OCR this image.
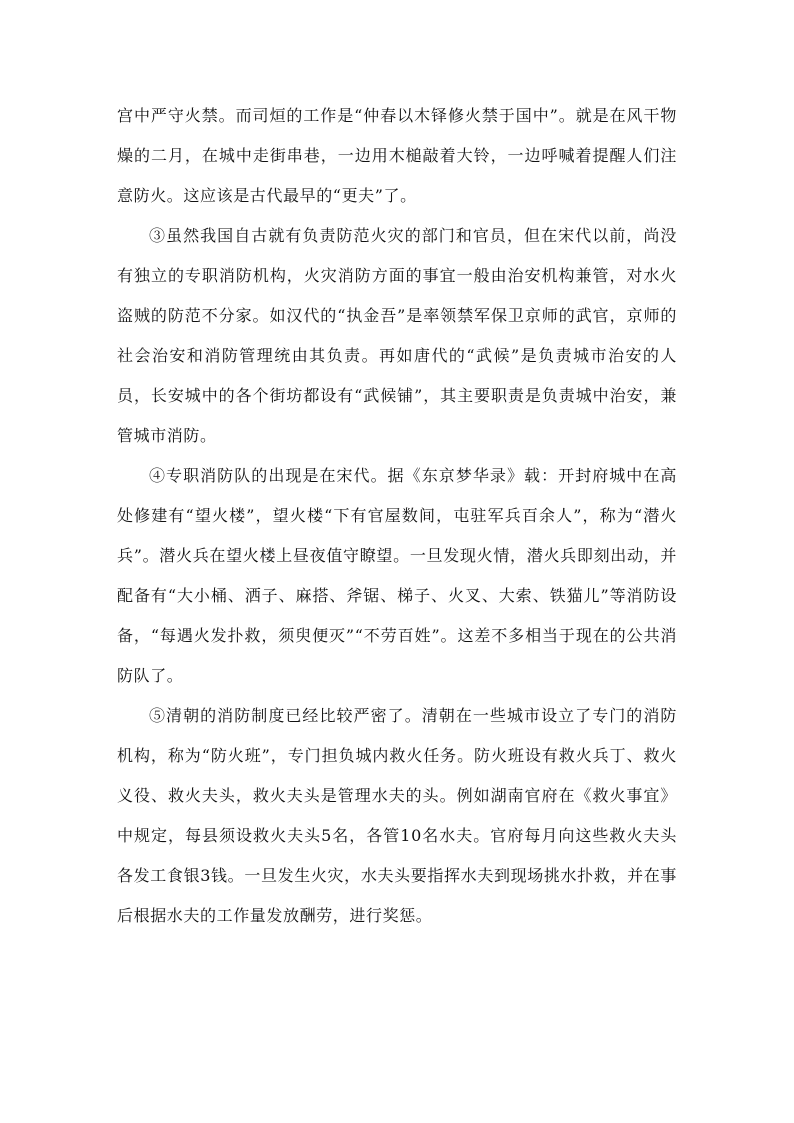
宫中严守火禁。而司烜的工作是“仲春以木铎修火禁于国中”。就是在风干物燥的二月，在城中走街串巷，一边用木槌敲着大铃，一边呼喊着提醒人们注意防火。这应该是古代最早的“更夫”了。

③虽然我国自古就有负责防范火灾的部门和官员，但在宋代以前，尚没有独立的专职消防机构，火灾消防方面的事宜一般由治安机构兼管，对水火盗贼的防范不分家。如汉代的“执金吾”是率领禁军保卫京师的武官，京师的社会治安和消防管理统由其负责。再如唐代的“武候”是负责城市治安的人员，长安城中的各个街坊都设有“武候铺”，其主要职责是负责城中治安，兼管城市消防。

④专职消防队的出现是在宋代。据《东京梦华录》载：开封府城中在高处修建有“望火楼”，望火楼“下有官屋数间，屯驻军兵百余人”，称为“潜火兵”。潜火兵在望火楼上昼夜值守瞭望。一旦发现火情，潜火兵即刻出动，并配备有“大小桶、洒子、麻搭、斧锯、梯子、火叉、大索、铁猫儿”等消防设备，“每遇火发扑救，须臾便灭”“不劳百姓”。这差不多相当于现在的公共消防队了。

⑤清朝的消防制度已经比较严密了。清朝在一些城市设立了专门的消防机构，称为“防火班”，专门担负城内救火任务。防火班设有救火兵丁、救火义役、救火夫头，救火夫头是管理水夫的头。例如湖南官府在《救火事宜》中规定，每县须设救火夫头5名，各管10名水夫。官府每月向这些救火夫头各发工食银3钱。一旦发生火灾，水夫头要指挥水夫到现场挑水扑救，并在事后根据水夫的工作量发放酬劳，进行奖惩。
